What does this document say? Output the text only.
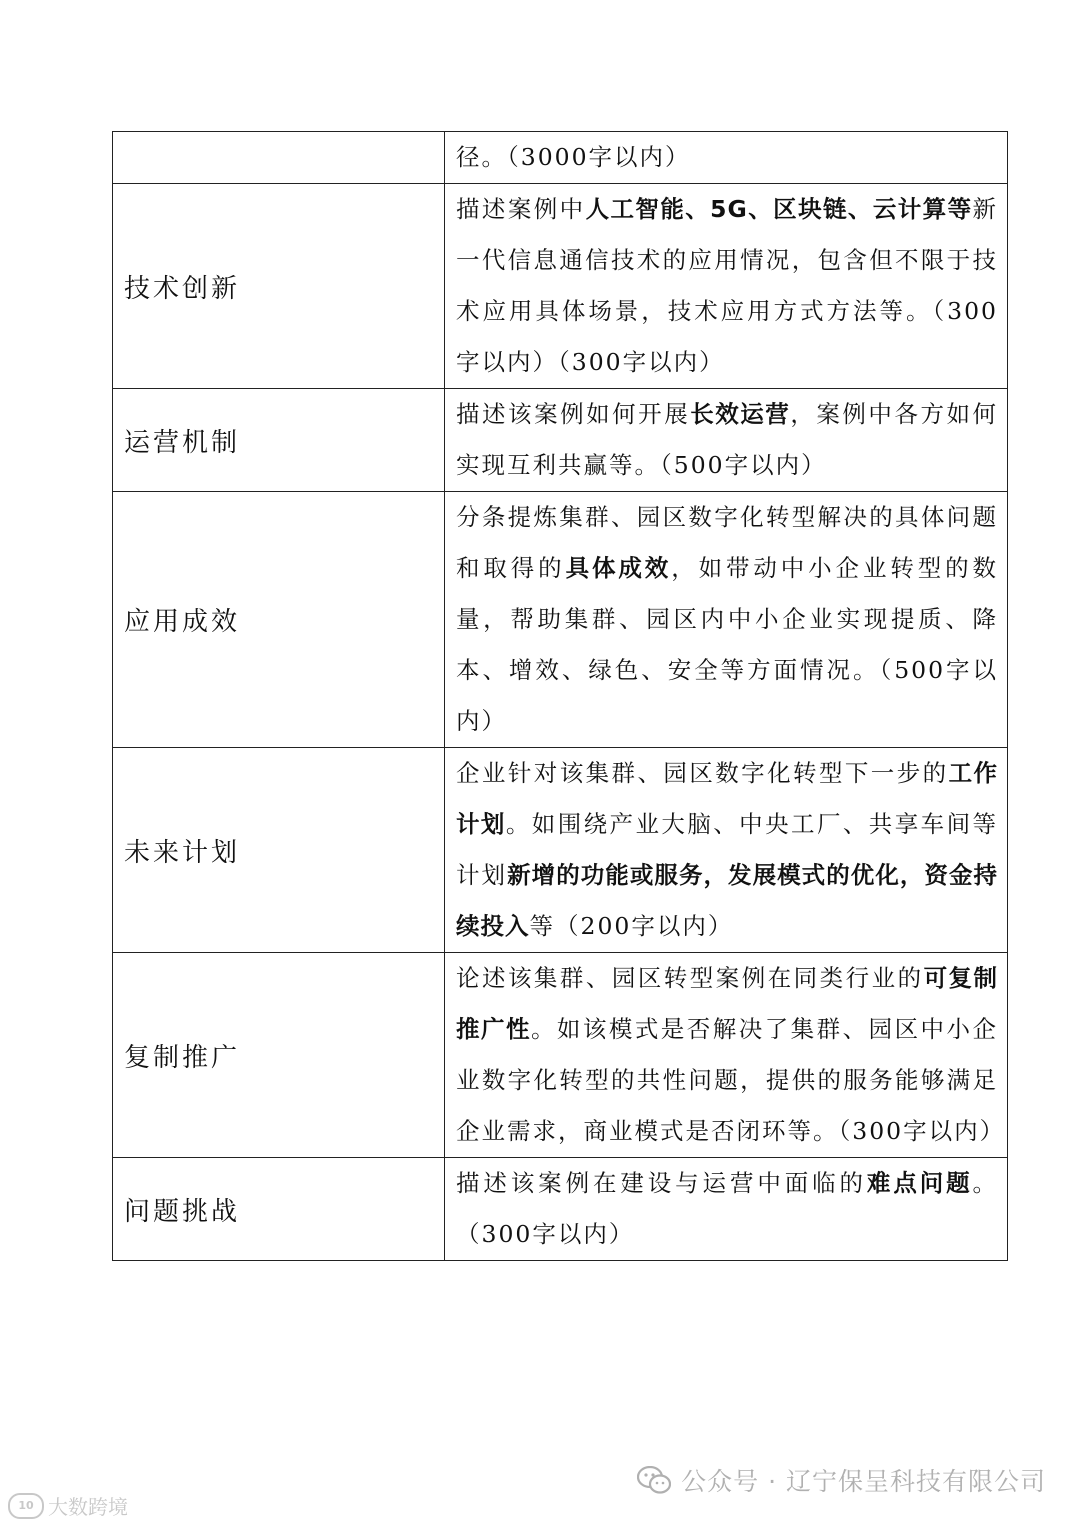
	径。（3000字以内）
技术创新	描述案例中人工智能、5G、区块链、云计算等新一代信息通信技术的应用情况，包含但不限于技术应用具体场景，技术应用方式方法等。（300字以内）（300字以内）
运营机制	描述该案例如何开展长效运营，案例中各方如何实现互利共赢等。（500字以内）
应用成效	分条提炼集群、园区数字化转型解决的具体问题和取得的具体成效，如带动中小企业转型的数量，帮助集群、园区内中小企业实现提质、降本、增效、绿色、安全等方面情况。（500字以内）
未来计划	企业针对该集群、园区数字化转型下一步的工作计划。如围绕产业大脑、中央工厂、共享车间等计划新增的功能或服务，发展模式的优化，资金持续投入等（200字以内）
复制推广	论述该集群、园区转型案例在同类行业的可复制推广性。如该模式是否解决了集群、园区中小企业数字化转型的共性问题，提供的服务能够满足企业需求，商业模式是否闭环等。（300字以内）
问题挑战	描述该案例在建设与运营中面临的难点问题。（300字以内）
10 大数跨境
公众号 · 辽宁保呈科技有限公司
